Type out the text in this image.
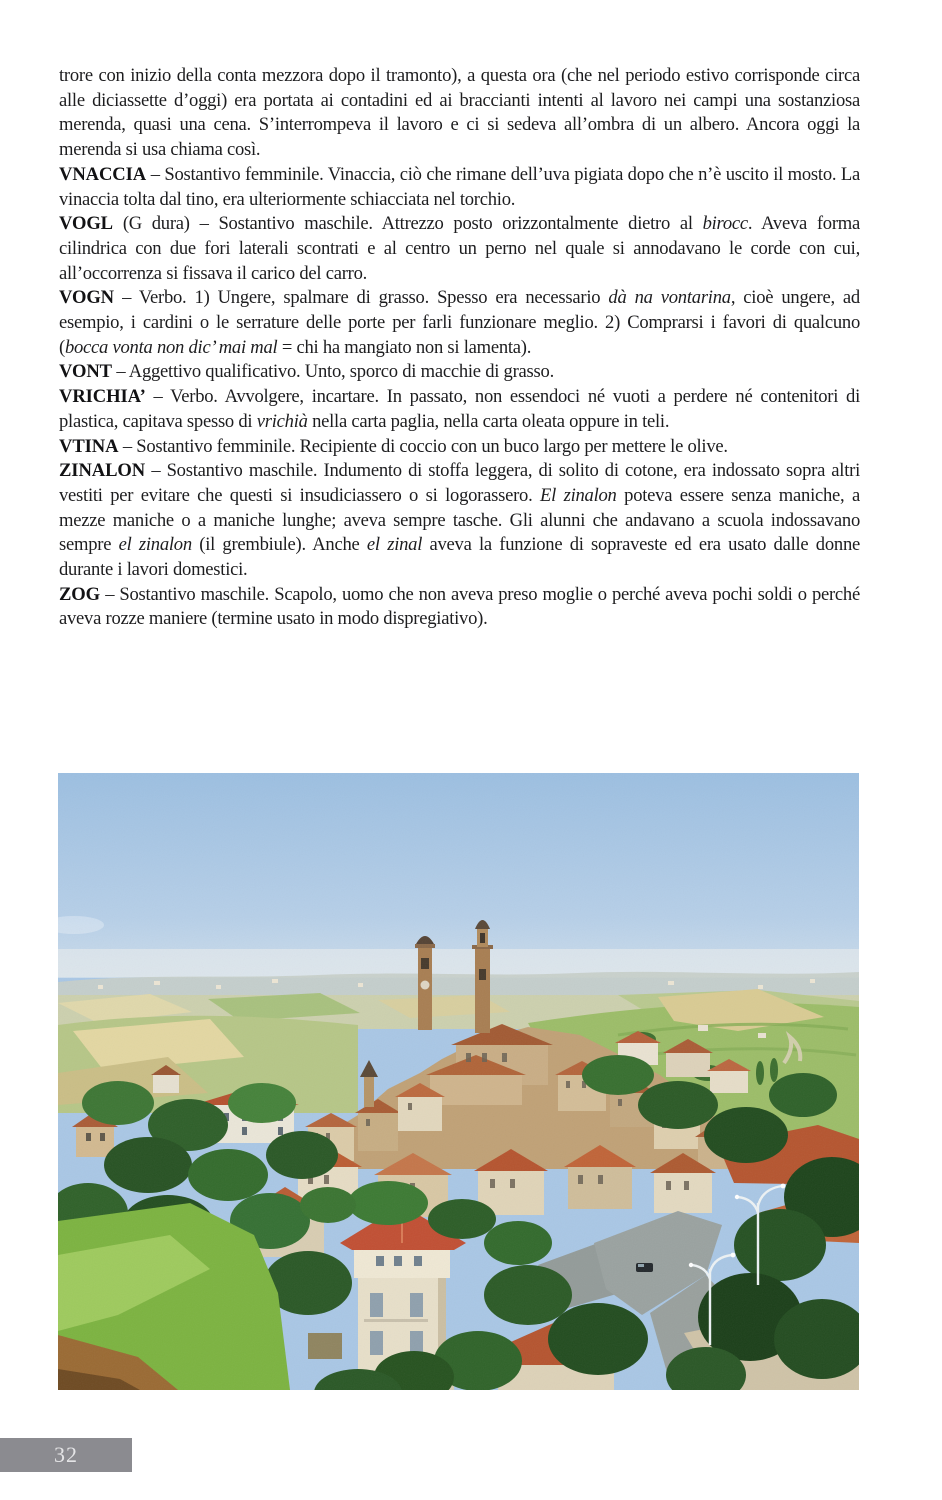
trore con inizio della conta mezzora dopo il tramonto), a questa ora (che nel periodo estivo corrisponde circa alle diciassette d’oggi) era portata ai contadini ed ai braccianti intenti al lavoro nei campi una sostanziosa merenda, quasi una cena. S’interrompeva il lavoro e ci si sedeva all’ombra di un albero. Ancora oggi la merenda si usa chiama così.

VNACCIA – Sostantivo femminile. Vinaccia, ciò che rimane dell’uva pigiata dopo che n’è uscito il mosto. La vinaccia tolta dal tino, era ulteriormente schiacciata nel torchio.

VOGL (G dura) – Sostantivo maschile. Attrezzo posto orizzontalmente dietro al birocc. Aveva forma cilindrica con due fori laterali scontrati e al centro un perno nel quale si annodavano le corde con cui, all’occorrenza si fissava il carico del carro.

VOGN – Verbo. 1) Ungere, spalmare di grasso. Spesso era necessario dà na vontarina, cioè ungere, ad esempio, i cardini o le serrature delle porte per farli funzionare meglio. 2) Comprarsi i favori di qualcuno (bocca vonta non dic’ mai mal = chi ha mangiato non si lamenta).

VONT – Aggettivo qualificativo. Unto, sporco di macchie di grasso.

VRICHIA’ – Verbo. Avvolgere, incartare. In passato, non essendoci né vuoti a perdere né contenitori di plastica, capitava spesso di vrichià nella carta paglia, nella carta oleata oppure in teli.

VTINA – Sostantivo femminile. Recipiente di coccio con un buco largo per mettere le olive.

ZINALON – Sostantivo maschile. Indumento di stoffa leggera, di solito di cotone, era indossato sopra altri vestiti per evitare che questi si insudiciassero o si logorassero. El zinalon poteva essere senza maniche, a mezze maniche o a maniche lunghe; aveva sempre tasche. Gli alunni che andavano a scuola indossavano sempre el zinalon (il grembiule). Anche el zinal aveva la funzione di sopraveste ed era usato dalle donne durante i lavori domestici.

ZOG – Sostantivo maschile. Scapolo, uomo che non aveva preso moglie o perché aveva pochi soldi o perché aveva rozze maniere (termine usato in modo dispregiativo).

32
